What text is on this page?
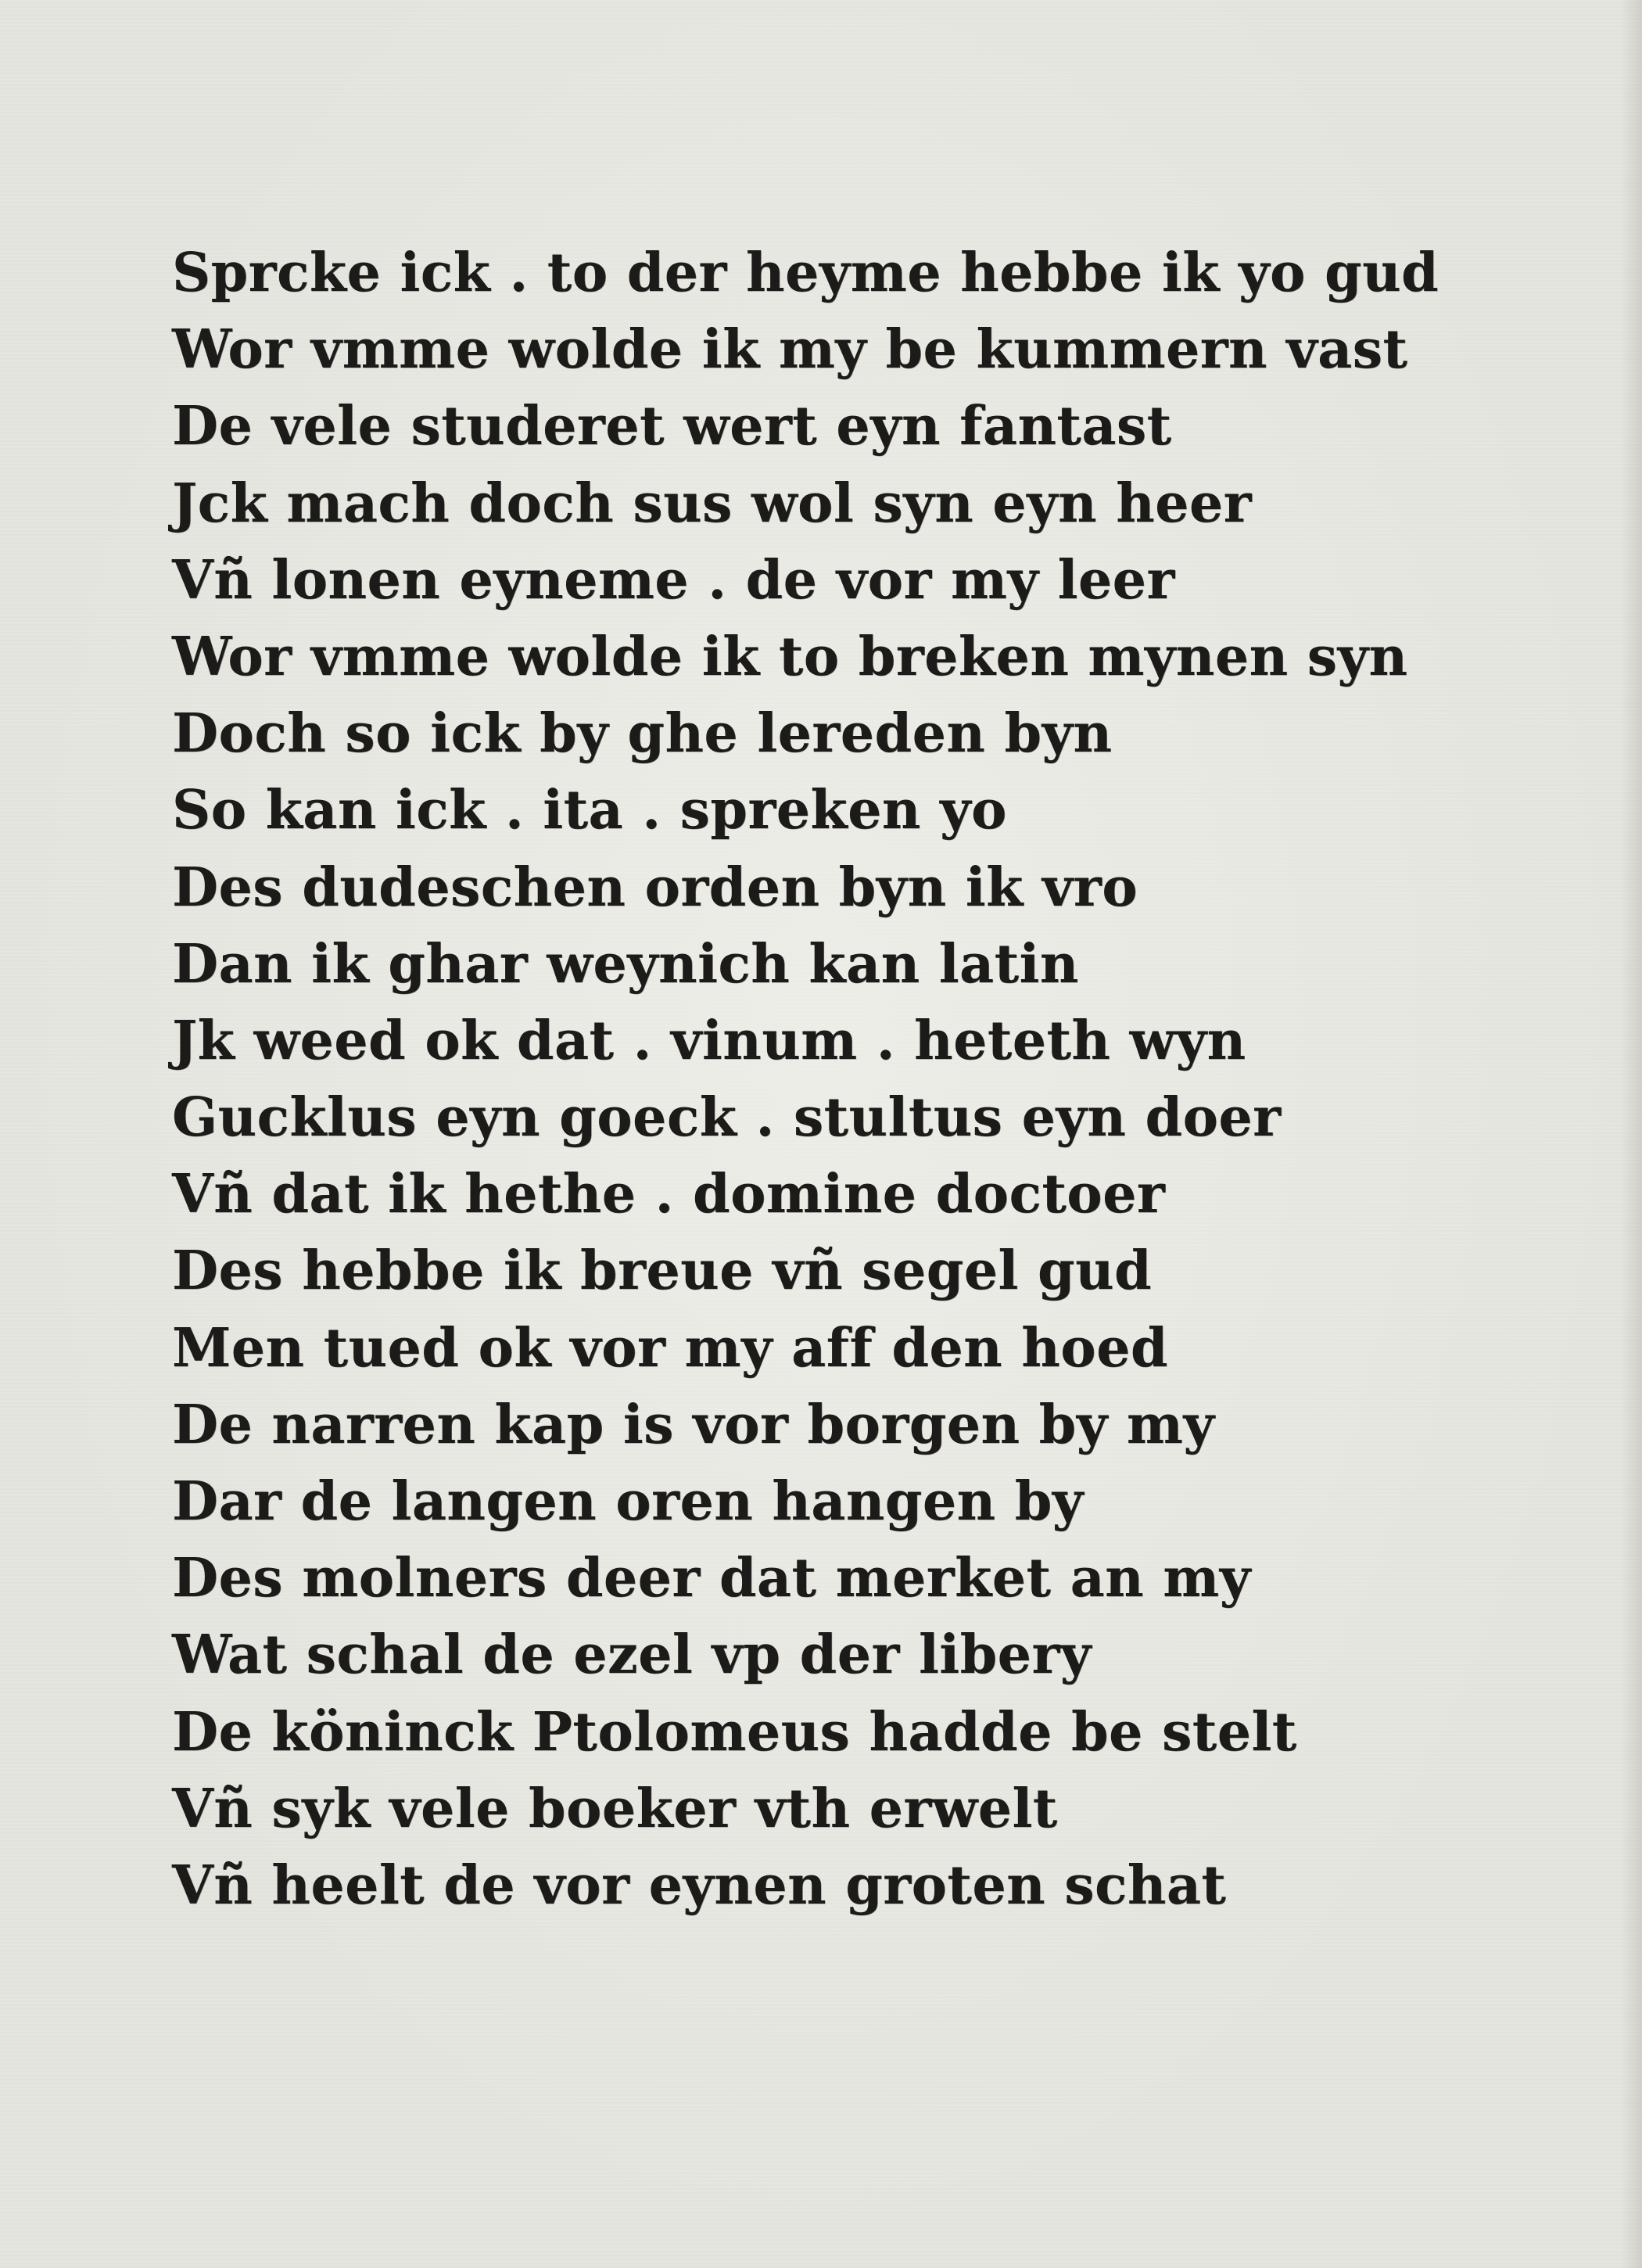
Sprcke ick . to der heyme hebbe ik yo gud
Wor vmme wolde ik my be kummern vast
De vele studeret wert eyn fantast
Jck mach doch sus wol syn eyn heer
Vñ lonen eyneme . de vor my leer
Wor vmme wolde ik to breken mynen syn
Doch so ick by ghe lereden byn
So kan ick . ita . spreken yo
Des dudeschen orden byn ik vro
Dan ik ghar weynich kan latin
Jk weed ok dat . vinum . heteth wyn
Gucklus eyn goeck . stultus eyn doer
Vñ dat ik hethe . domine doctoer
Des hebbe ik breue vñ segel gud
Men tued ok vor my aff den hoed
De narren kap is vor borgen by my
Dar de langen oren hangen by
Des molners deer dat merket an my
Wat schal de ezel vp der libery
De köninck Ptolomeus hadde be stelt
Vñ syk vele boeker vth erwelt
Vñ heelt de vor eynen groten schat
